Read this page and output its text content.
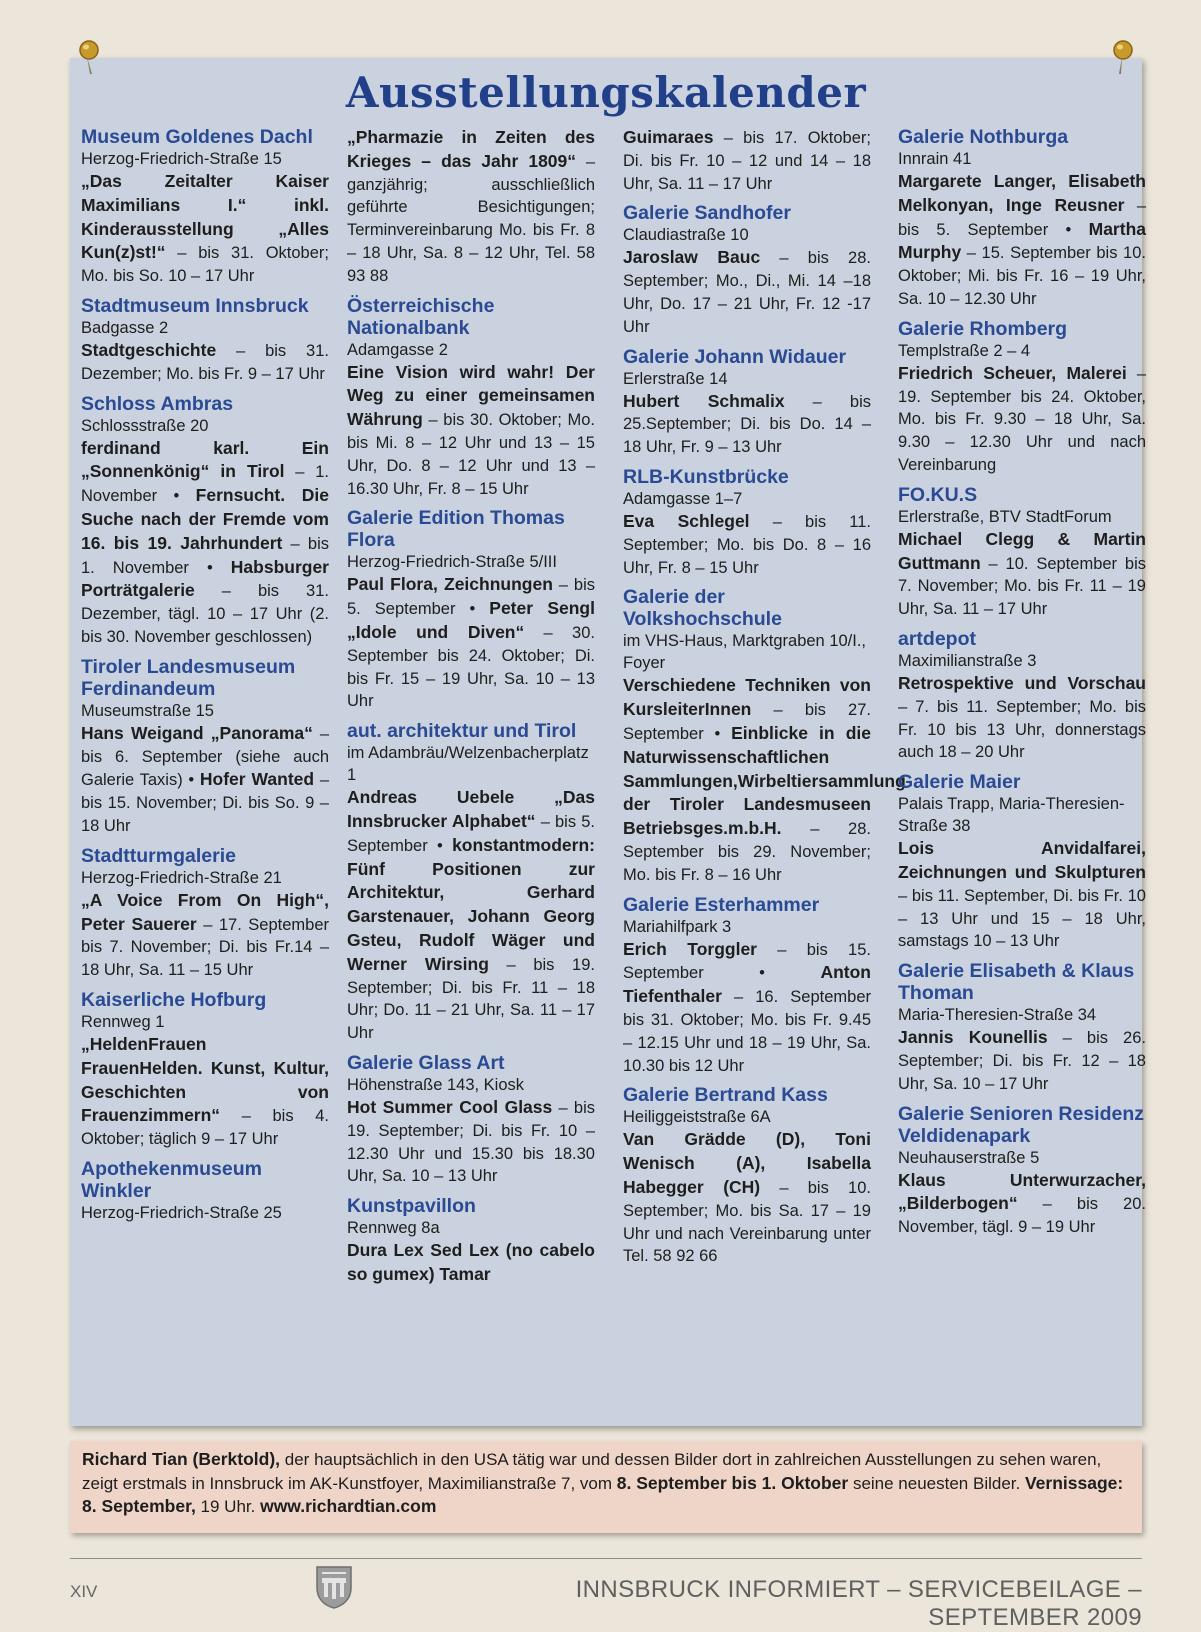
Ausstellungskalender
Museum Goldenes Dachl
Herzog-Friedrich-Straße 15
„Das Zeitalter Kaiser Maximilians I.“ inkl. Kinderausstellung „Alles Kun(z)st!“ – bis 31. Oktober; Mo. bis So. 10 – 17 Uhr
Stadtmuseum Innsbruck
Badgasse 2
Stadtgeschichte – bis 31. Dezember; Mo. bis Fr. 9 – 17 Uhr
Schloss Ambras
Schlossstraße 20
ferdinand karl. Ein „Sonnenkönig“ in Tirol – 1. November • Fernsucht. Die Suche nach der Fremde vom 16. bis 19. Jahrhundert – bis 1. November • Habsburger Porträtgalerie – bis 31. Dezember, tägl. 10 – 17 Uhr (2. bis 30. November geschlossen)
Tiroler Landesmuseum Ferdinandeum
Museumstraße 15
Hans Weigand „Panorama“ – bis 6. September (siehe auch Galerie Taxis) • Hofer Wanted – bis 15. November; Di. bis So. 9 – 18 Uhr
Stadtturmgalerie
Herzog-Friedrich-Straße 21
„A Voice From On High“, Peter Sauerer – 17. September bis 7. November; Di. bis Fr.14 – 18 Uhr, Sa. 11 – 15 Uhr
Kaiserliche Hofburg
Rennweg 1
„HeldenFrauen FrauenHelden. Kunst, Kultur, Geschichten von Frauenzimmern“ – bis 4. Oktober; täglich 9 – 17 Uhr
Apothekenmuseum Winkler
Herzog-Friedrich-Straße 25
„Pharmazie in Zeiten des Krieges – das Jahr 1809“ – ganzjährig; ausschließlich geführte Besichtigungen; Terminvereinbarung Mo. bis Fr. 8 – 18 Uhr, Sa. 8 – 12 Uhr, Tel. 58 93 88
Österreichische Nationalbank
Adamgasse 2
Eine Vision wird wahr! Der Weg zu einer gemeinsamen Währung – bis 30. Oktober; Mo. bis Mi. 8 – 12 Uhr und 13 – 15 Uhr, Do. 8 – 12 Uhr und 13 – 16.30 Uhr, Fr. 8 – 15 Uhr
Galerie Edition Thomas Flora
Herzog-Friedrich-Straße 5/III
Paul Flora, Zeichnungen – bis 5. September • Peter Sengl „Idole und Diven“ – 30. September bis 24. Oktober; Di. bis Fr. 15 – 19 Uhr, Sa. 10 – 13 Uhr
aut. architektur und Tirol
im Adambräu/Welzenbacherplatz 1
Andreas Uebele „Das Innsbrucker Alphabet“ – bis 5. September • konstantmodern: Fünf Positionen zur Architektur, Gerhard Garstenauer, Johann Georg Gsteu, Rudolf Wäger und Werner Wirsing – bis 19. September; Di. bis Fr. 11 – 18 Uhr; Do. 11 – 21 Uhr, Sa. 11 – 17 Uhr
Galerie Glass Art
Höhenstraße 143, Kiosk
Hot Summer Cool Glass – bis 19. September; Di. bis Fr. 10 – 12.30 Uhr und 15.30 bis 18.30 Uhr, Sa. 10 – 13 Uhr
Kunstpavillon
Rennweg 8a
Dura Lex Sed Lex (no cabelo so gumex) Tamar
Guimaraes – bis 17. Oktober; Di. bis Fr. 10 – 12 und 14 – 18 Uhr, Sa. 11 – 17 Uhr
Galerie Sandhofer
Claudiastraße 10
Jaroslaw Bauc – bis 28. September; Mo., Di., Mi. 14 –18 Uhr, Do. 17 – 21 Uhr, Fr. 12 -17 Uhr
Galerie Johann Widauer
Erlerstraße 14
Hubert Schmalix – bis 25.September; Di. bis Do. 14 – 18 Uhr, Fr. 9 – 13 Uhr
RLB-Kunstbrücke
Adamgasse 1–7
Eva Schlegel – bis 11. September; Mo. bis Do. 8 – 16 Uhr, Fr. 8 – 15 Uhr
Galerie der Volkshochschule
im VHS-Haus, Marktgraben 10/I., Foyer
Verschiedene Techniken von KursleiterInnen – bis 27. September • Einblicke in die Naturwissenschaftlichen Sammlungen,Wirbeltiersammlung der Tiroler Landesmuseen Betriebsges.m.b.H. – 28. September bis 29. November; Mo. bis Fr. 8 – 16 Uhr
Galerie Esterhammer
Mariahilfpark 3
Erich Torggler – bis 15. September • Anton Tiefenthaler – 16. September bis 31. Oktober; Mo. bis Fr. 9.45 – 12.15 Uhr und 18 – 19 Uhr, Sa. 10.30 bis 12 Uhr
Galerie Bertrand Kass
Heiliggeiststraße 6A
Van Grädde (D), Toni Wenisch (A), Isabella Habegger (CH) – bis 10. September; Mo. bis Sa. 17 – 19 Uhr und nach Vereinbarung unter Tel. 58 92 66
Galerie Nothburga
Innrain 41
Margarete Langer, Elisabeth Melkonyan, Inge Reusner – bis 5. September • Martha Murphy – 15. September bis 10. Oktober; Mi. bis Fr. 16 – 19 Uhr, Sa. 10 – 12.30 Uhr
Galerie Rhomberg
Templstraße 2 – 4
Friedrich Scheuer, Malerei – 19. September bis 24. Oktober, Mo. bis Fr. 9.30 – 18 Uhr, Sa. 9.30 – 12.30 Uhr und nach Vereinbarung
FO.KU.S
Erlerstraße, BTV StadtForum
Michael Clegg & Martin Guttmann – 10. September bis 7. November; Mo. bis Fr. 11 – 19 Uhr, Sa. 11 – 17 Uhr
artdepot
Maximilianstraße 3
Retrospektive und Vorschau – 7. bis 11. September; Mo. bis Fr. 10 bis 13 Uhr, donnerstags auch 18 – 20 Uhr
Galerie Maier
Palais Trapp, Maria-Theresien-Straße 38
Lois Anvidalfarei, Zeichnungen und Skulpturen – bis 11. September, Di. bis Fr. 10 – 13 Uhr und 15 – 18 Uhr, samstags 10 – 13 Uhr
Galerie Elisabeth & Klaus Thoman
Maria-Theresien-Straße 34
Jannis Kounellis – bis 26. September; Di. bis Fr. 12 – 18 Uhr, Sa. 10 – 17 Uhr
Galerie Senioren Residenz Veldidenapark
Neuhauserstraße 5
Klaus Unterwurzacher, „Bilderbogen“ – bis 20. November, tägl. 9 – 19 Uhr

Richard Tian (Berktold), der hauptsächlich in den USA tätig war und dessen Bilder dort in zahlreichen Ausstellungen zu sehen waren, zeigt erstmals in Innsbruck im AK-Kunstfoyer, Maximilianstraße 7, vom 8. September bis 1. Oktober seine neuesten Bilder. Vernissage: 8. September, 19 Uhr. www.richardtian.com

XIV	INNSBRUCK INFORMIERT – SERVICEBEILAGE – SEPTEMBER 2009
